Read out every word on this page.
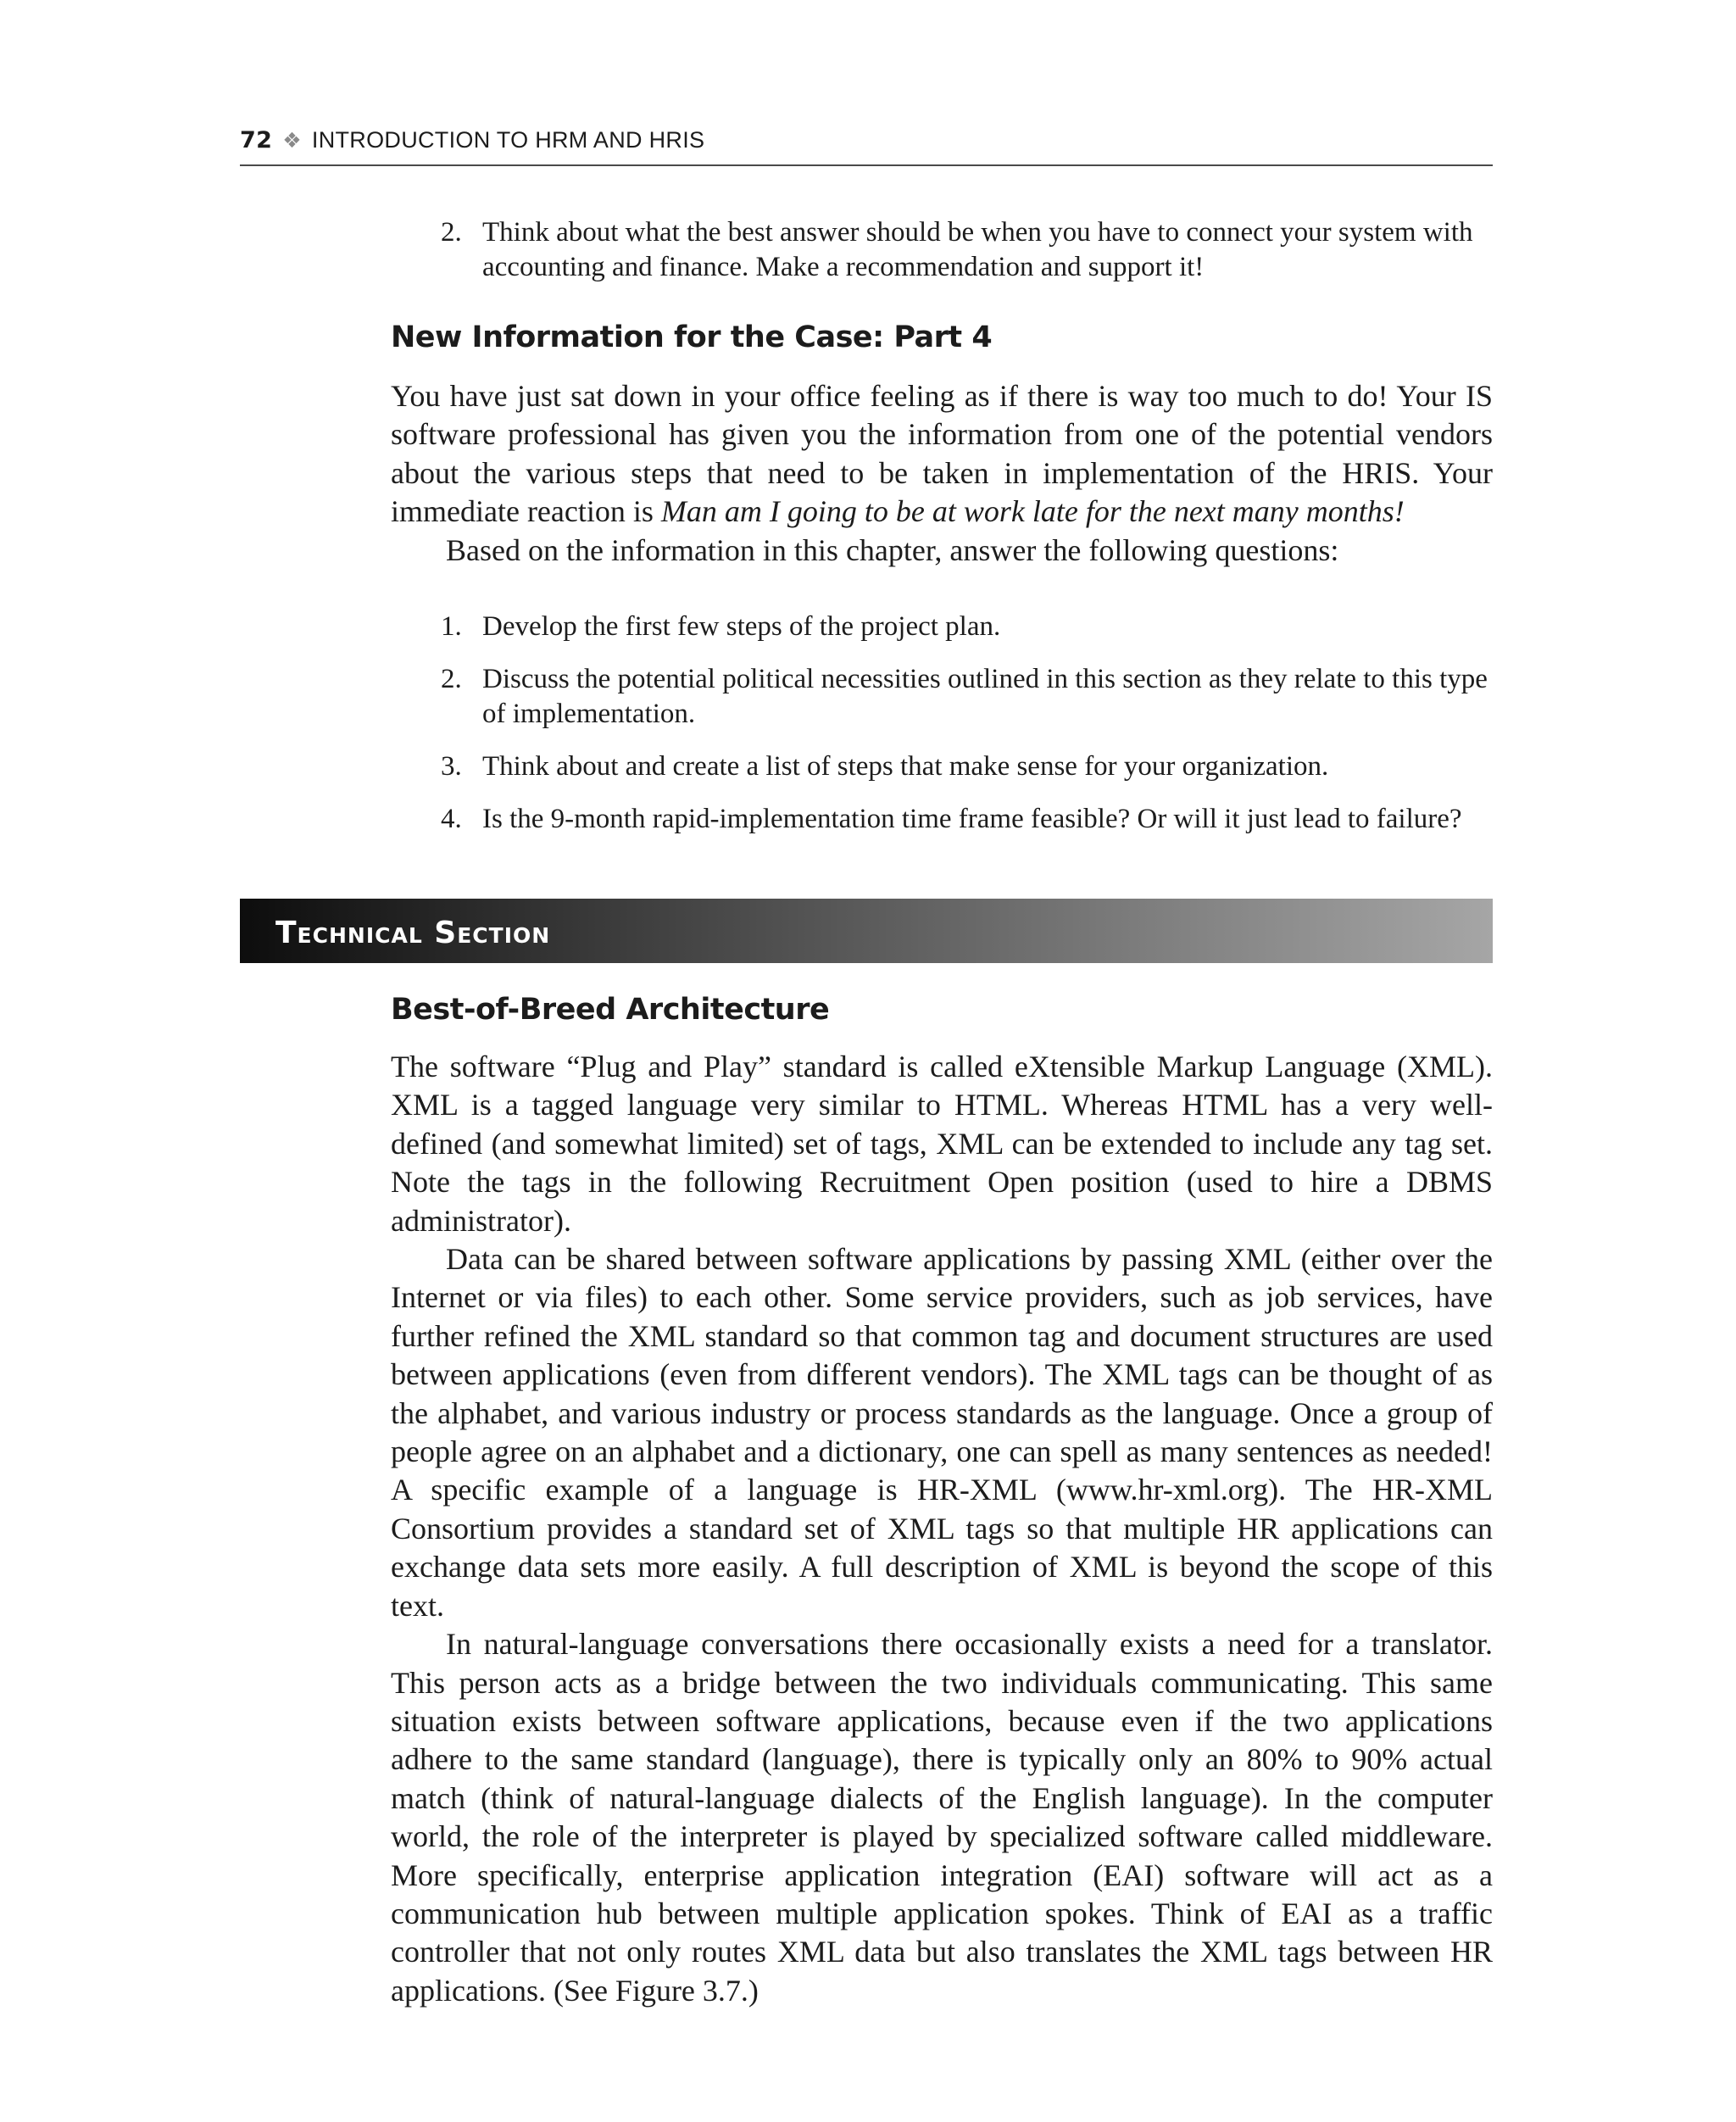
72 ❖ INTRODUCTION TO HRM AND HRIS
2. Think about what the best answer should be when you have to connect your system with accounting and finance. Make a recommendation and support it!
New Information for the Case: Part 4

You have just sat down in your office feeling as if there is way too much to do! Your IS software professional has given you the information from one of the potential vendors about the various steps that need to be taken in implementation of the HRIS. Your immediate reaction is Man am I going to be at work late for the next many months!

Based on the information in this chapter, answer the following questions:

1. Develop the first few steps of the project plan.
2. Discuss the potential political necessities outlined in this section as they relate to this type of implementation.
3. Think about and create a list of steps that make sense for your organization.
4. Is the 9-month rapid-implementation time frame feasible? Or will it just lead to failure?
Technical Section
Best-of-Breed Architecture

The software “Plug and Play” standard is called eXtensible Markup Language (XML). XML is a tagged language very similar to HTML. Whereas HTML has a very well-defined (and somewhat limited) set of tags, XML can be extended to include any tag set. Note the tags in the following Recruitment Open position (used to hire a DBMS administrator).

Data can be shared between software applications by passing XML (either over the Internet or via files) to each other. Some service providers, such as job services, have further refined the XML standard so that common tag and document structures are used between applications (even from different vendors). The XML tags can be thought of as the alphabet, and various industry or process standards as the language. Once a group of people agree on an alphabet and a dictionary, one can spell as many sentences as needed! A specific example of a language is HR-XML (www.hr-xml.org). The HR-XML Consortium provides a standard set of XML tags so that multiple HR applications can exchange data sets more easily. A full description of XML is beyond the scope of this text.

In natural-language conversations there occasionally exists a need for a translator. This person acts as a bridge between the two individuals communicating. This same situation exists between software applications, because even if the two applications adhere to the same standard (language), there is typically only an 80% to 90% actual match (think of natural-language dialects of the English language). In the computer world, the role of the interpreter is played by specialized software called middleware. More specifically, enterprise application integration (EAI) software will act as a communication hub between multiple application spokes. Think of EAI as a traffic controller that not only routes XML data but also translates the XML tags between HR applications. (See Figure 3.7.)
